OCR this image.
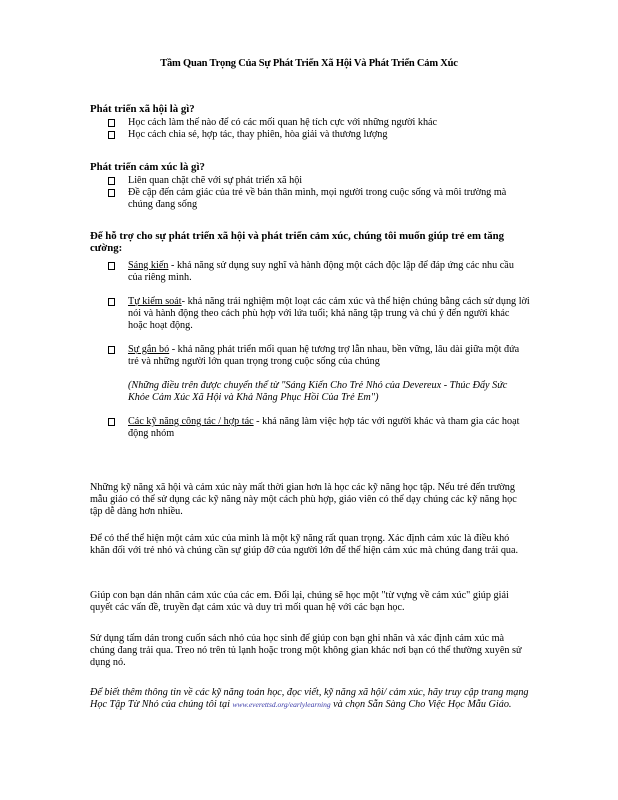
Tầm Quan Trọng Của Sự Phát Triển Xã Hội Và Phát Triển Cảm Xúc

Phát triển xã hội là gì?

Học cách làm thế nào để có các mối quan hệ tích cực với những người khác
Học cách chia sẻ, hợp tác, thay phiên, hòa giải và thương lượng

Phát triển cảm xúc là gì?

Liên quan chặt chẽ với sự phát triển xã hội
Đề cập đến cảm giác của trẻ về bản thân mình, mọi người trong cuộc sống và môi trường mà chúng đang sống

Để hỗ trợ cho sự phát triển xã hội và phát triển cảm xúc, chúng tôi muốn giúp trẻ em tăng cường:

Sáng kiến - khả năng sử dụng suy nghĩ và hành động một cách độc lập để đáp ứng các nhu cầu của riêng mình.
Tự kiểm soát- khả năng trải nghiệm một loạt các cảm xúc và thể hiện chúng bằng cách sử dụng lời nói và hành động theo cách phù hợp với lứa tuổi; khả năng tập trung và chú ý đến người khác hoặc hoạt động.
Sự gắn bó - khả năng phát triển mối quan hệ tương trợ lẫn nhau, bền vững, lâu dài giữa một đứa trẻ và những người lớn quan trọng trong cuộc sống của chúng

(Những điều trên được chuyển thể từ "Sáng Kiến Cho Trẻ Nhỏ của Devereux - Thúc Đẩy Sức Khỏe Cảm Xúc Xã Hội và Khả Năng Phục Hồi Của Trẻ Em")

Các kỹ năng công tác / hợp tác - khả năng làm việc hợp tác với người khác và tham gia các hoạt động nhóm

Những kỹ năng xã hội và cảm xúc này mất thời gian hơn là học các kỹ năng học tập. Nếu trẻ đến trường mẫu giáo có thể sử dụng các kỹ năng này một cách phù hợp, giáo viên có thể dạy chúng các kỹ năng học tập dễ dàng hơn nhiều.

Để có thể thể hiện một cảm xúc của mình là một kỹ năng rất quan trọng. Xác định cảm xúc là điều khó khăn đối với trẻ nhỏ và chúng cần sự giúp đỡ của người lớn để thể hiện cảm xúc mà chúng đang trải qua.

Giúp con bạn dán nhãn cảm xúc của các em. Đổi lại, chúng sẽ học một "từ vựng về cảm xúc" giúp giải quyết các vấn đề, truyền đạt cảm xúc và duy trì mối quan hệ với các bạn học.

Sử dụng tấm dán trong cuốn sách nhỏ của học sinh để giúp con bạn ghi nhãn và xác định cảm xúc mà chúng đang trải qua. Treo nó trên tủ lạnh hoặc trong một không gian khác nơi bạn có thể thường xuyên sử dụng nó.

Để biết thêm thông tin về các kỹ năng toán học, đọc viết, kỹ năng xã hội/ cảm xúc, hãy truy cập trang mạng Học Tập Từ Nhỏ của chúng tôi tại www.everettsd.org/earlylearning và chọn Sẵn Sàng Cho Việc Học Mẫu Giáo.
